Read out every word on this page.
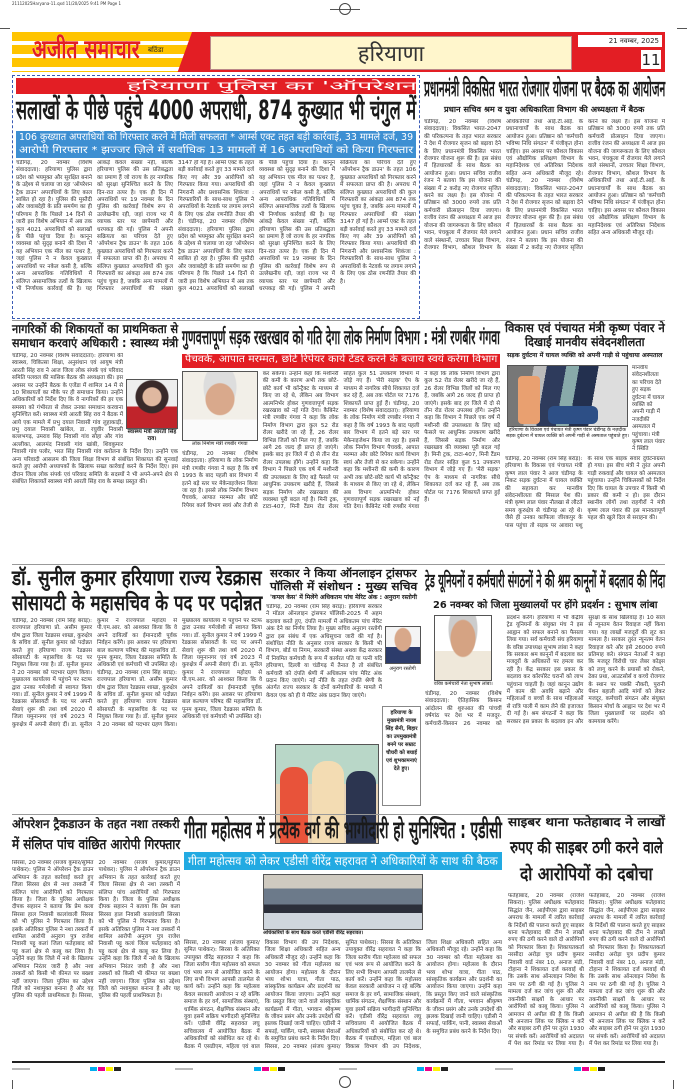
21112025Haryana-11.qxd 11/20/2025 9:41 PM Page 1
अजीत समाचार बठिंडा	हरियाणा
21 नवम्बर, 2025
11
हरियाणा पुलिस का 'ऑपरेशन ट्रैक डाउन'
सलाखों के पीछे पहुंचे 4000 अपराधी, 874 कुख्यात भी चंगुल में
106 कुख्यात अपराधियों को गिरफ्तार करने में मिली सफलता * आर्म्स एक्ट तहत बड़ी कार्रवाई, 33 मामले दर्ज, 39
आरोपी गिरफ्तार * झज्जर ज़िले में सर्वाधिक 13 मामलों में 16 अपराधियों को किया गिरफ्तार
चंडीगढ़, 20 नवम्बर (विशेष संवाददाता): हरियाणा पुलिस द्वारा प्रदेश को भयमुक्त और सुरक्षित बनाने के उद्देश्य से चलाया जा रहा 'ऑपरेशन ट्रैक डाउन' अपराधियों के लिए काल साबित हो रहा है। पुलिस की मुस्तैदी और जवाबदेही के प्रति समर्पण का ही परिणाम है कि पिछले 14 दिनों से जारी इस विशेष अभियान में अब तक कुल 4021 अपराधियों को सलाखों के पीछे पहुंचा दिया है। कानून व्यवस्था को सुदृढ़ बनाने की दिशा में यह अभियान एक मील का पत्थर है, जहां पुलिस ने न केवल कुख्यात अपराधियों पर नकेल कसी है, बल्कि अन्य आपराधिक गतिविधियों में संलिप्त असामाजिक तत्वों के खिलाफ भी निर्णायक कार्रवाई की है। यह आंकड़े केवल संख्या नहीं, बल्कि हरियाणा पुलिस की उस प्रतिबद्धता का प्रमाण हैं जो राज्य के हर नागरिक को सुरक्षा सुनिश्चित करने के लिए दिन-रात तत्पर है। एक ही दिन में अपराधियों पर 19 नवम्बर के दिन पुलिस की कार्रवाई विशेष रूप से उल्लेखनीय रही, जहां राज्य भर में व्यापक स्तर पर छापेमारी और धरपकड़ की गई। पुलिस ने अपनी सक्रियता का परिचय देते हुए 'ऑपरेशन ट्रैक डाउन' के तहत 106 कुख्यात अपराधियों को गिरफ्तार करने में सफलता प्राप्त की है। अपराध में संलिप्त कुख्यात अपराधियों की कुल गिरफ्तारी का आंकड़ा अब 874 तक पहुंच चुका है, जबकि अन्य मामलों में गिरफ्तार अपराधियों की संख्या 3147 हो गई है। आर्म्स एक्ट के तहत बड़ी कार्रवाई करते हुए 33 मामले दर्ज किए गए और 39 आरोपियों को गिरफ्तार किया गया। अपराधियों की निगरानी और प्रशासनिक शिकंजा : गिरफ्तारियों के साथ-साथ पुलिस ने अपराधियों के नेटवर्क पर लगाम लगाने के लिए एक ठोस रणनीति तैयार की है। चंडीगढ़, 20 नवम्बर (विशेष संवाददाता): हरियाणा पुलिस द्वारा प्रदेश को भयमुक्त और सुरक्षित बनाने के उद्देश्य से चलाया जा रहा 'ऑपरेशन ट्रैक डाउन' अपराधियों के लिए काल साबित हो रहा है। पुलिस की मुस्तैदी और जवाबदेही के प्रति समर्पण का ही परिणाम है कि पिछले 14 दिनों से जारी इस विशेष अभियान में अब तक कुल 4021 अपराधियों को सलाखों के पीछे पहुंचा दिया है। कानून व्यवस्था को सुदृढ़ बनाने की दिशा में यह अभियान एक मील का पत्थर है, जहां पुलिस ने न केवल कुख्यात अपराधियों पर नकेल कसी है, बल्कि अन्य आपराधिक गतिविधियों में संलिप्त असामाजिक तत्वों के खिलाफ भी निर्णायक कार्रवाई की है। यह आंकड़े केवल संख्या नहीं, बल्कि हरियाणा पुलिस की उस प्रतिबद्धता का प्रमाण हैं जो राज्य के हर नागरिक को सुरक्षा सुनिश्चित करने के लिए दिन-रात तत्पर है। एक ही दिन में अपराधियों पर 19 नवम्बर के दिन पुलिस की कार्रवाई विशेष रूप से उल्लेखनीय रही, जहां राज्य भर में व्यापक स्तर पर छापेमारी और धरपकड़ की गई। पुलिस ने अपनी सक्रियता का परिचय देते हुए 'ऑपरेशन ट्रैक डाउन' के तहत 106 कुख्यात अपराधियों को गिरफ्तार करने में सफलता प्राप्त की है। अपराध में संलिप्त कुख्यात अपराधियों की कुल गिरफ्तारी का आंकड़ा अब 874 तक पहुंच चुका है, जबकि अन्य मामलों में गिरफ्तार अपराधियों की संख्या 3147 हो गई है। आर्म्स एक्ट के तहत बड़ी कार्रवाई करते हुए 33 मामले दर्ज किए गए और 39 आरोपियों को गिरफ्तार किया गया। अपराधियों की निगरानी और प्रशासनिक शिकंजा : गिरफ्तारियों के साथ-साथ पुलिस ने अपराधियों के नेटवर्क पर लगाम लगाने के लिए एक ठोस रणनीति तैयार की है।
प्रधानमंत्री विकसित भारत रोजगार योजना पर बैठक का आयोजन
प्रधान सचिव श्रम व युवा अधिकारिता विभाग की अध्यक्षता में बैठक
चंडीगढ़, 20 नवम्बर (विशेष संवाददाता): विकसित भारत-2047 की परिकल्पना के तहत भारत सरकार ने देश में रोजगार सृजन को बढ़ावा देने के लिए प्रधानमंत्री विकसित भारत रोजगार योजना शुरू की है। इस संबंध में हितधारकों के साथ बैठक का आयोजन हुआ। प्रधान सचिव राजीव रंजन ने बताया कि इस योजना की संख्या में 2 करोड़ नए रोजगार सृजित करने का लक्ष्य है। इस योजना में प्रतिष्ठान को 3000 रुपये तक प्रति कर्मचारी प्रोत्साहन दिया जाएगा। राजीव रंजन की अध्यक्षता में आज इस योजना की जागरूकता के लिए कौशल भवन, पंचकूला में रोजगार मेले लगाने वाले संस्थानों, उच्चतर शिक्षा विभाग, रोजगार विभाग, कौशल विभाग के अधिकारियों तथा आई.टी.आई. के प्रधानाचार्यों के साथ बैठक का आयोजन हुआ। प्रतिष्ठान को 'कर्मचारी भविष्य निधि संगठन' में पंजीकृत होना चाहिए। इस अवसर पर कौशल विकास एवं औद्योगिक प्रशिक्षण विभाग के महानिदेशक एवं अतिरिक्त निदेशक सहित अन्य अधिकारी मौजूद रहे। चंडीगढ़, 20 नवम्बर (विशेष संवाददाता): विकसित भारत-2047 की परिकल्पना के तहत भारत सरकार ने देश में रोजगार सृजन को बढ़ावा देने के लिए प्रधानमंत्री विकसित भारत रोजगार योजना शुरू की है। इस संबंध में हितधारकों के साथ बैठक का आयोजन हुआ। प्रधान सचिव राजीव रंजन ने बताया कि इस योजना की संख्या में 2 करोड़ नए रोजगार सृजित करने का लक्ष्य है। इस योजना में प्रतिष्ठान को 3000 रुपये तक प्रति कर्मचारी प्रोत्साहन दिया जाएगा। राजीव रंजन की अध्यक्षता में आज इस योजना की जागरूकता के लिए कौशल भवन, पंचकूला में रोजगार मेले लगाने वाले संस्थानों, उच्चतर शिक्षा विभाग, रोजगार विभाग, कौशल विभाग के अधिकारियों तथा आई.टी.आई. के प्रधानाचार्यों के साथ बैठक का आयोजन हुआ। प्रतिष्ठान को 'कर्मचारी भविष्य निधि संगठन' में पंजीकृत होना चाहिए। इस अवसर पर कौशल विकास एवं औद्योगिक प्रशिक्षण विभाग के महानिदेशक एवं अतिरिक्त निदेशक सहित अन्य अधिकारी मौजूद रहे।
नागरिकों की शिकायतों का प्राथमिकता से
समाधान करवाएं अधिकारी : स्वास्थ्य मंत्री
स्वास्थ्य मंत्री आरती सिंह राव।
चंडीगढ़, 20 नवम्बर (विशेष संवाददाता): हरियाणा की स्वास्थ्य, चिकित्सा शिक्षा, अनुसंधान एवं आयुष मंत्री आरती सिंह राव ने आज जिला लोक संपर्क एवं परिवाद समिति पलवल की मासिक बैठक की अध्यक्षता की। इस अवसर पर उन्होंने बैठक के एजेंडा में शामिल 14 में से 10 शिकायतों का मौके पर ही समाधान किया। उन्होंने अधिकारियों को निर्देश दिए कि वे नागरिकों की हर एक समस्या को गंभीरता से लेकर उनका समाधान करवाना सुनिश्चित करें। स्वास्थ्य मंत्री आरती सिंह राव ने बैठक में आये एक मामले में प्रभु दयाल निवासी गांव लुहाकाड़ी, प्रभु दयाल निवासी खांबेल, डा. रघुवीर निवासी बल्लभगढ़, उमराव सिंह निवासी गांव सोहा और गांव अल्लीका, आलमंद निवासी गांव खांबी, शिवकुमार निवासी गांव पलोर, भरत सिंह निवासी गांव करोलना के निर्देश दिए। उन्होंने एक अन्य परिवादी आसलम की जिला शिक्षा विभाग से संबंधित शिकायत की सुनवाई करते हुए आरोपी अध्यापकों के खिलाफ सख्त कार्रवाई करने के निर्देश दिए। इस दौरान जिला लोक संपर्क एवं परिवाद समिति के सदस्यों ने भी अपने-अपने क्षेत्र से संबंधित शिकायतें स्वास्थ्य मंत्री आरती सिंह राव के समक्ष प्रस्तुत की।
गुणवत्तापूर्ण सड़क रखरखाव को गति देगा लोक निर्माण विभाग : मंत्री रणबीर गंगवा
पैचवर्क, आपात मरम्मत, छोटे रिपेयर कार्य टेंडर करने के बजाय स्वयं करेगा विभाग
लोक निर्माण मंत्री रणबीर गंगवा
चंडीगढ़, 20 नवम्बर (विशेष संवाददाता): हरियाणा के लोक निर्माण मंत्री रणबीर गंगवा ने कहा है कि वर्ष 1993 के बाद पहली बार विभाग में इतने बड़े स्तर पर मेकेनाइजेशन किया जा रहा है। इससे लोक निर्माण विभाग पैचवर्क, आपात मरम्मत और छोटे रिपेयर कार्य विभाग स्वयं और तेजी से कर सकेगा। उन्होंने कहा कि मशीनरी की कमी के कारण अभी तक छोटे-छोटे कार्य भी कॉन्ट्रैक्ट के माध्यम से किए जा रहे थे, लेकिन अब विभाग आत्मनिर्भर होकर गुणवत्तापूर्ण सड़क रखरखाव को नई गति देगा। कैबिनेट मंत्री रणबीर गंगवा ने कहा कि लोक निर्माण विभाग द्वारा कुल 52 रोड रोलर खरीदे जा रहे हैं, 26 रोलर विभिन्न जिलों को मिल गए हैं, जबकि आगे 26 जल्द ही प्राप्त हो जाएंगे। इसके बाद हर जिले में दो से तीन रोड रोलर उपलब्ध होंगे। उन्होंने कहा कि विभाग ने पिछले एक वर्ष में मशीनरी की उपलब्धता के लिए बड़े फैसले पर आधुनिक उपकरण खरीदे हैं, जिससे सड़क निर्माण और रखरखाव की व्यवस्था पूरी बदल गई है। मिनी ट्रक, टाटा-407, मिनी टैंडम रोड रोलर सहित कुल 51 उपकरण विभाग में जोड़े गए हैं। 'मेरी सड़क' ऐप के माध्यम से नागरिक सीधे शिकायत दर्ज कर रहे हैं, अब तक पोर्टल पर 7176 शिकायतें प्राप्त हुई हैं। चंडीगढ़, 20 नवम्बर (विशेष संवाददाता): हरियाणा के लोक निर्माण मंत्री रणबीर गंगवा ने कहा है कि वर्ष 1993 के बाद पहली बार विभाग में इतने बड़े स्तर पर मेकेनाइजेशन किया जा रहा है। इससे लोक निर्माण विभाग पैचवर्क, आपात मरम्मत और छोटे रिपेयर कार्य विभाग स्वयं और तेजी से कर सकेगा। उन्होंने कहा कि मशीनरी की कमी के कारण अभी तक छोटे-छोटे कार्य भी कॉन्ट्रैक्ट के माध्यम से किए जा रहे थे, लेकिन अब विभाग आत्मनिर्भर होकर गुणवत्तापूर्ण सड़क रखरखाव को नई गति देगा। कैबिनेट मंत्री रणबीर गंगवा ने कहा कि लोक निर्माण विभाग द्वारा कुल 52 रोड रोलर खरीदे जा रहे हैं, 26 रोलर विभिन्न जिलों को मिल गए हैं, जबकि आगे 26 जल्द ही प्राप्त हो जाएंगे। इसके बाद हर जिले में दो से तीन रोड रोलर उपलब्ध होंगे। उन्होंने कहा कि विभाग ने पिछले एक वर्ष में मशीनरी की उपलब्धता के लिए बड़े फैसले पर आधुनिक उपकरण खरीदे हैं, जिससे सड़क निर्माण और रखरखाव की व्यवस्था पूरी बदल गई है। मिनी ट्रक, टाटा-407, मिनी टैंडम रोड रोलर सहित कुल 51 उपकरण विभाग में जोड़े गए हैं। 'मेरी सड़क' ऐप के माध्यम से नागरिक सीधे शिकायत दर्ज कर रहे हैं, अब तक पोर्टल पर 7176 शिकायतें प्राप्त हुई हैं।
विकास एवं पंचायत मंत्री कृष्ण पंवार ने
दिखाई मानवीय संवेदनशीलता
सड़क दुर्घटना में घायल व्यक्ति को अपनी गाड़ी से पहुंचाया अस्पताल
हरियाणा के विकास एवं पंचायत मंत्री कृष्ण पंवार चंडीगढ़ के नज़दीक सड़क दुर्घटना में घायल व्यक्ति को अपनी गाड़ी से अस्पताल पहुंचाते हुए।
मानवीय संवेदनशीलता का परिचय देते हुए सड़क दुर्घटना में घायल व्यक्ति को अपनी गाड़ी में नजदीकी अस्पताल में पहुंचाया। मंत्री कृष्ण लाल पंवार ने स्थिति
चंडीगढ़, 20 नवम्बर (राम सिंह बराड़): हरियाणा के विकास एवं पंचायत मंत्री कृष्ण लाल पंवार ने आज चंडीगढ़ के निकट सड़क दुर्घटना में घायल व्यक्ति की सहायता कर मानवीय संवेदनशीलता की मिसाल पेश की। मंत्री कृष्ण लाल पंवार नौलखा से लौटते समय कुरुक्षेत्र से चंडीगढ़ आ रहे थे। जैसे ही उनका काफिला जीरकपुर के पास पहुंचा तो सड़क पर आवारा पशु के साथ एक बाइक सवार दुर्घटनाग्रस्त हो गया। इस बीच मंत्री ने तुरंत अपनी गाड़ी रुकवाई और घायल को अस्पताल पहुंचाया। उन्होंने चिकित्सकों को निर्देश दिए कि घायल के उपचार में किसी भी प्रकार की कमी न हो। इस दौरान स्थानीय लोगों तथा राहगीरों ने मंत्री कृष्ण लाल पंवार की इस मानवतापूर्ण पहल की खुले दिल से सराहना की।
डॉ. सुनील कुमार हरियाणा राज्य रेडक्रास
सोसायटी के महासचिव के पद पर पदोन्नत
चंडीगढ़, 20 नवम्बर (राम सिंह बराड़): राज्यपाल हरियाणा प्रो. असीम कुमार घोष द्वारा जिला रेडक्रास शाखा, कुरुक्षेत्र के सचिव डॉ. सुनील कुमार को पदोन्नत करते हुए हरियाणा राज्य रेडक्रास सोसायटी के महासचिव के पद पर नियुक्त किया गया है। डॉ. सुनील कुमार ने 20 नवम्बर को पदभार ग्रहण किया। मुख्यालय कार्यालय में पहुंचने पर स्टाफ द्वारा उनका गर्मजोशी से स्वागत किया गया। डॉ. सुनील कुमार ने वर्ष 1999 में रेडक्रास सोसायटी के पद पर अपनी सेवाएं शुरू की तथा वर्ष 2020 में जिला यमुनानगर एवं वर्ष 2023 में कुरुक्षेत्र में अपनी सेवाएं दीं। डा. सुनील कुमार ने राज्यपाल महोदय से पी.एम.आर. को आश्वस्त किया कि वे अपने दायित्वों का ईमानदारी पूर्वक निर्वहन करेंगे। इस अवसर पर हरियाणा बाल कल्याण परिषद की महासचिव डॉ. पूनम कुमार, जिला रेडक्रास समिति के अधिकारी एवं कर्मचारी भी उपस्थित रहे। चंडीगढ़, 20 नवम्बर (राम सिंह बराड़): राज्यपाल हरियाणा प्रो. असीम कुमार घोष द्वारा जिला रेडक्रास शाखा, कुरुक्षेत्र के सचिव डॉ. सुनील कुमार को पदोन्नत करते हुए हरियाणा राज्य रेडक्रास सोसायटी के महासचिव के पद पर नियुक्त किया गया है। डॉ. सुनील कुमार ने 20 नवम्बर को पदभार ग्रहण किया। मुख्यालय कार्यालय में पहुंचने पर स्टाफ द्वारा उनका गर्मजोशी से स्वागत किया गया। डॉ. सुनील कुमार ने वर्ष 1999 में रेडक्रास सोसायटी के पद पर अपनी सेवाएं शुरू की तथा वर्ष 2020 में जिला यमुनानगर एवं वर्ष 2023 में कुरुक्षेत्र में अपनी सेवाएं दीं। डा. सुनील कुमार ने राज्यपाल महोदय से पी.एम.आर. को आश्वस्त किया कि वे अपने दायित्वों का ईमानदारी पूर्वक निर्वहन करेंगे। इस अवसर पर हरियाणा बाल कल्याण परिषद की महासचिव डॉ. पूनम कुमार, जिला रेडक्रास समिति के अधिकारी एवं कर्मचारी भी उपस्थित रहे।
सरकार ने किया ऑनलाइन ट्रांसफर
पॉलिसी में संशोधन : मुख्य सचिव
'कपल केस' में मिलेंगे अधिकतम पांच मेरिट अंक : अनुराग रस्तोगी
चंडीगढ़, 20 नवम्बर (राम सिंह बराड़): हरियाणा सरकार ने मॉडल ऑनलाइन ट्रांसफर पॉलिसी-2025 में अहम बदलाव करते हुए, दंपति मामलों में अधिकतम पांच मेरिट अंक देने का निर्णय लिया है। मुख्य सचिव अनुराग रस्तोगी द्वारा इस संबंध में एक अधिसूचना जारी की गई है। संशोधित नीति के अनुसार राज्य सरकार के किसी भी विभाग, बोर्ड या निगम, सरकारी संस्था अथवा केंद्र सरकार में नियमित कर्मचारी के रूप में कार्यरत पति या पत्नी यदि हरियाणा, दिल्ली या चंडीगढ़ में तैनात है तो संबंधित कर्मचारी को दंपति श्रेणी में अधिकतम पांच मेरिट अंक प्रदान किए जाएंगे। नई नीति के तहत दंपति श्रेणी के अंतर्गत राज्य सरकार के दोनों कर्मचारियों के मामले में केवल एक को ही ये मेरिट अंक प्रदान किए जाएंगे।
अनुराग रस्तोगी
हरियाणा के मुख्यमंत्री नायब सिंह सैनी, बिहार का उपमुख्यमंत्री बनने पर सम्राट चौधरी को बधाई एवं शुभकामनाएं देते हुए।
ट्रेड यूनियनों व कर्मचारी संगठनों ने की श्रम कानूनों में बदलाव की निंदा
26 नवम्बर को जिला मुख्यालयों पर होंगे प्रदर्शन : सुभाष लांबा
वरिष्ठ कर्मचारी नेता सुभाष लांबा।
चंडीगढ़, 20 नवम्बर (विशेष संवाददाता): ऐतिहासिक किसान आंदोलन की शुरुआत की पांचवीं वर्षगांठ पर देश भर में मजदूर-कर्मचारी-किसान 26 नवम्बर को प्रदर्शन करेंगे। हरियाणा में भी केंद्रीय ट्रेड यूनियनों के संयुक्त मंच ने इस आह्वान को सफल बनाने का फैसला लिया गया। सर्व कर्मचारी संघ हरियाणा के वरिष्ठ उपाध्यक्ष सुभाष लांबा ने कहा कि सरकार श्रम कानूनों में बदलाव कर मजदूरों के अधिकारों पर हमला कर रही है। केंद्र सरकार इस प्रकार के बदलाव कर कॉरपोरेट घरानों को लाभ पहुंचाना चाहती है। जहां कानून उद्योग में काम की अवधि बढ़ाने और महिलाओं व बच्चों के साथ महिलाओं से रात्रि पाली में काम लेने की इजाजत दी गई है। श्रम संगठनों ने कहा कि सरकार इस प्रकार के बदलाव इन और सुरक्षा के साथ खिलवाड़ है। 10 साल से न्यूनतम वेतन रिवाइज नहीं किया गया। यह लाखों मजदूरों की लूट का मामला है। सरकार तुरंत न्यूनतम वेतन रिवाइज करे और इसे 26000 रुपये प्रतिमाह करे। संगठन नेताओं ने कहा कि मजदूर विरोधी चार लेबर कोड्स को लागू करने के प्रयासों को रोकने, ठेका प्रथा, आउटसोर्स व कच्चे रोजगार के स्थान पर पक्की नौकरी, पुरानी पेंशन बहाली आदि मांगों को लेकर मजदूर, कर्मचारी संगठन और संयुक्त किसान मोर्चा के आह्वान पर देश भर में जिला मुख्यालयों पर प्रदर्शन को कामयाब करेंगे।
ऑपरेशन ट्रैकडाउन के तहत नशा तस्करी
में संलिप्त पांच वांछित आरोपी गिरफ्तार
सिरसा, 20 नवम्बर (संजय कुमार/सुमित पाथेकर): पुलिस ने ऑपरेशन ट्रैक डाउन अभियान के तहत कार्रवाई करते हुए जिला सिरसा क्षेत्र से नशा तस्करी में संलिप्त पांच आरोपियों को गिरफ्तार किया है। जिला के पुलिस अधीक्षक दीपक सहारन ने बताया कि प्रेम कला सिरसा हाल निवासी कालांवाली सिरसा को भी पुलिस ने गिरफ्तार किया है। इसके अतिरिक्त पुलिस ने नशा तस्करों में शामिल आरोपी अनुराग पुत्र राजेश निवासी पट्टू कलां जिला फतेहाबाद को पट्टू कलां क्षेत्र से काबू कर लिया है। उन्होंने कहा कि जिले में नशे के खिलाफ अभियान निरंतर जारी है और नशा तस्करों को किसी भी कीमत पर बख्शा नहीं जाएगा। जिला पुलिस का उद्देश्य जिले को नशामुक्त बनाना है और यह पुलिस की पहली प्राथमिकता है। सिरसा, 20 नवम्बर (संजय कुमार/सुमित पाथेकर): पुलिस ने ऑपरेशन ट्रैक डाउन अभियान के तहत कार्रवाई करते हुए जिला सिरसा क्षेत्र से नशा तस्करी में संलिप्त पांच आरोपियों को गिरफ्तार किया है। जिला के पुलिस अधीक्षक दीपक सहारन ने बताया कि प्रेम कला सिरसा हाल निवासी कालांवाली सिरसा को भी पुलिस ने गिरफ्तार किया है। इसके अतिरिक्त पुलिस ने नशा तस्करों में शामिल आरोपी अनुराग पुत्र राजेश निवासी पट्टू कलां जिला फतेहाबाद को पट्टू कलां क्षेत्र से काबू कर लिया है। उन्होंने कहा कि जिले में नशे के खिलाफ अभियान निरंतर जारी है और नशा तस्करों को किसी भी कीमत पर बख्शा नहीं जाएगा। जिला पुलिस का उद्देश्य जिले को नशामुक्त बनाना है और यह पुलिस की पहली प्राथमिकता है।
गीता महोत्सव में प्रत्येक वर्ग की भागीदारी हो सुनिश्चित : एडीसी
गीता महोत्सव को लेकर एडीसी वीरेंद्र सहरावत ने अधिकारियों के साथ की बैठक
अधिकारियों के साथ बैठक करते एडीसी वीरेंद्र सहरावत।
सिरसा, 20 नवम्बर (संजय कुमार/सुमित पाथेकर): सिरसा के अतिरिक्त उपायुक्त वीरेंद्र सहरावत ने कहा कि जिला स्तरीय गीता महोत्सव को सफल एवं भव्य रूप से आयोजित करने के लिए सभी विभाग आपसी तालमेल से कार्य करें। उन्होंने कहा कि महोत्सव केवल सरकारी आयोजन न रहे बल्कि समाज के हर वर्ग, सामाजिक संस्थाएं, धार्मिक संगठन, शैक्षणिक संस्थान और युवा इसमें सक्रिय भागीदारी सुनिश्चित करें। एडीसी वीरेंद्र सहरावत लघु सचिवालय में आयोजित बैठक में अधिकारियों को संबोधित कर रहे थे। बैठक में एसडीएम, महिला एवं बाल विकास विभाग की उप निदेशक, जिला शिक्षा अधिकारी सहित अन्य अधिकारी मौजूद रहे। उन्होंने कहा कि 30 नवम्बर को गीता महोत्सव का आयोजन होगा। महोत्सव के दौरान भव्य शोभा यात्रा, गीता पाठ, सांस्कृतिक कार्यक्रम और प्रदर्शनी का आयोजन किया जाएगा। उन्होंने कहा कि प्रस्तुत किए जाने वाले सांस्कृतिक कार्यक्रमों में गीता, भगवान श्रीकृष्ण के जीवन प्रसंग और उनके उपदेशों की झलक दिखाई जानी चाहिए। एडीसी ने सफाई, पार्किंग, पानी, स्वास्थ्य सेवाओं के समुचित प्रबंध करने के निर्देश दिए। सिरसा, 20 नवम्बर (संजय कुमार/सुमित पाथेकर): सिरसा के अतिरिक्त उपायुक्त वीरेंद्र सहरावत ने कहा कि जिला स्तरीय गीता महोत्सव को सफल एवं भव्य रूप से आयोजित करने के लिए सभी विभाग आपसी तालमेल से कार्य करें। उन्होंने कहा कि महोत्सव केवल सरकारी आयोजन न रहे बल्कि समाज के हर वर्ग, सामाजिक संस्थाएं, धार्मिक संगठन, शैक्षणिक संस्थान और युवा इसमें सक्रिय भागीदारी सुनिश्चित करें। एडीसी वीरेंद्र सहरावत लघु सचिवालय में आयोजित बैठक में अधिकारियों को संबोधित कर रहे थे। बैठक में एसडीएम, महिला एवं बाल विकास विभाग की उप निदेशक, जिला शिक्षा अधिकारी सहित अन्य अधिकारी मौजूद रहे। उन्होंने कहा कि 30 नवम्बर को गीता महोत्सव का आयोजन होगा। महोत्सव के दौरान भव्य शोभा यात्रा, गीता पाठ, सांस्कृतिक कार्यक्रम और प्रदर्शनी का आयोजन किया जाएगा। उन्होंने कहा कि प्रस्तुत किए जाने वाले सांस्कृतिक कार्यक्रमों में गीता, भगवान श्रीकृष्ण के जीवन प्रसंग और उनके उपदेशों की झलक दिखाई जानी चाहिए। एडीसी ने सफाई, पार्किंग, पानी, स्वास्थ्य सेवाओं के समुचित प्रबंध करने के निर्देश दिए।
साइबर थाना फतेहाबाद ने लाखों
रुपए की साइबर ठगी करने वाले
दो आरोपियों को दबोचा
फतेहाबाद, 20 नवम्बर (राजेश सिकरा): पुलिस अधीक्षक फतेहाबाद सिद्धांत जैन, आईपीएस द्वारा साइबर अपराध के मामलों में त्वरित कार्रवाई के निर्देशों की पालना करते हुए साइबर थाना फतेहाबाद की टीम ने लाखों रुपए की ठगी करने वाले दो आरोपियों को गिरफ्तार किया है। शिकायतकर्ता नरसीदा अरोड़ा पुत्र प्रदीप कुमार निवासी वार्ड नंबर 10, अनाज मंडी, टोहाना ने शिकायत दर्ज करवाई थी कि उसके साथ ऑनलाइन निवेश के नाम पर ठगी की गई है। पुलिस ने मामला दर्ज कर जांच शुरू की और तकनीकी साक्ष्यों के आधार पर आरोपियों को काबू किया। पुलिस ने आमजन से अपील की है कि किसी भी अनजान लिंक पर क्लिक न करें और साइबर ठगी होने पर तुरंत 1930 पर संपर्क करें। आरोपियों को अदालत में पेश कर रिमांड पर लिया गया है। फतेहाबाद, 20 नवम्बर (राजेश सिकरा): पुलिस अधीक्षक फतेहाबाद सिद्धांत जैन, आईपीएस द्वारा साइबर अपराध के मामलों में त्वरित कार्रवाई के निर्देशों की पालना करते हुए साइबर थाना फतेहाबाद की टीम ने लाखों रुपए की ठगी करने वाले दो आरोपियों को गिरफ्तार किया है। शिकायतकर्ता नरसीदा अरोड़ा पुत्र प्रदीप कुमार निवासी वार्ड नंबर 10, अनाज मंडी, टोहाना ने शिकायत दर्ज करवाई थी कि उसके साथ ऑनलाइन निवेश के नाम पर ठगी की गई है। पुलिस ने मामला दर्ज कर जांच शुरू की और तकनीकी साक्ष्यों के आधार पर आरोपियों को काबू किया। पुलिस ने आमजन से अपील की है कि किसी भी अनजान लिंक पर क्लिक न करें और साइबर ठगी होने पर तुरंत 1930 पर संपर्क करें। आरोपियों को अदालत में पेश कर रिमांड पर लिया गया है।
